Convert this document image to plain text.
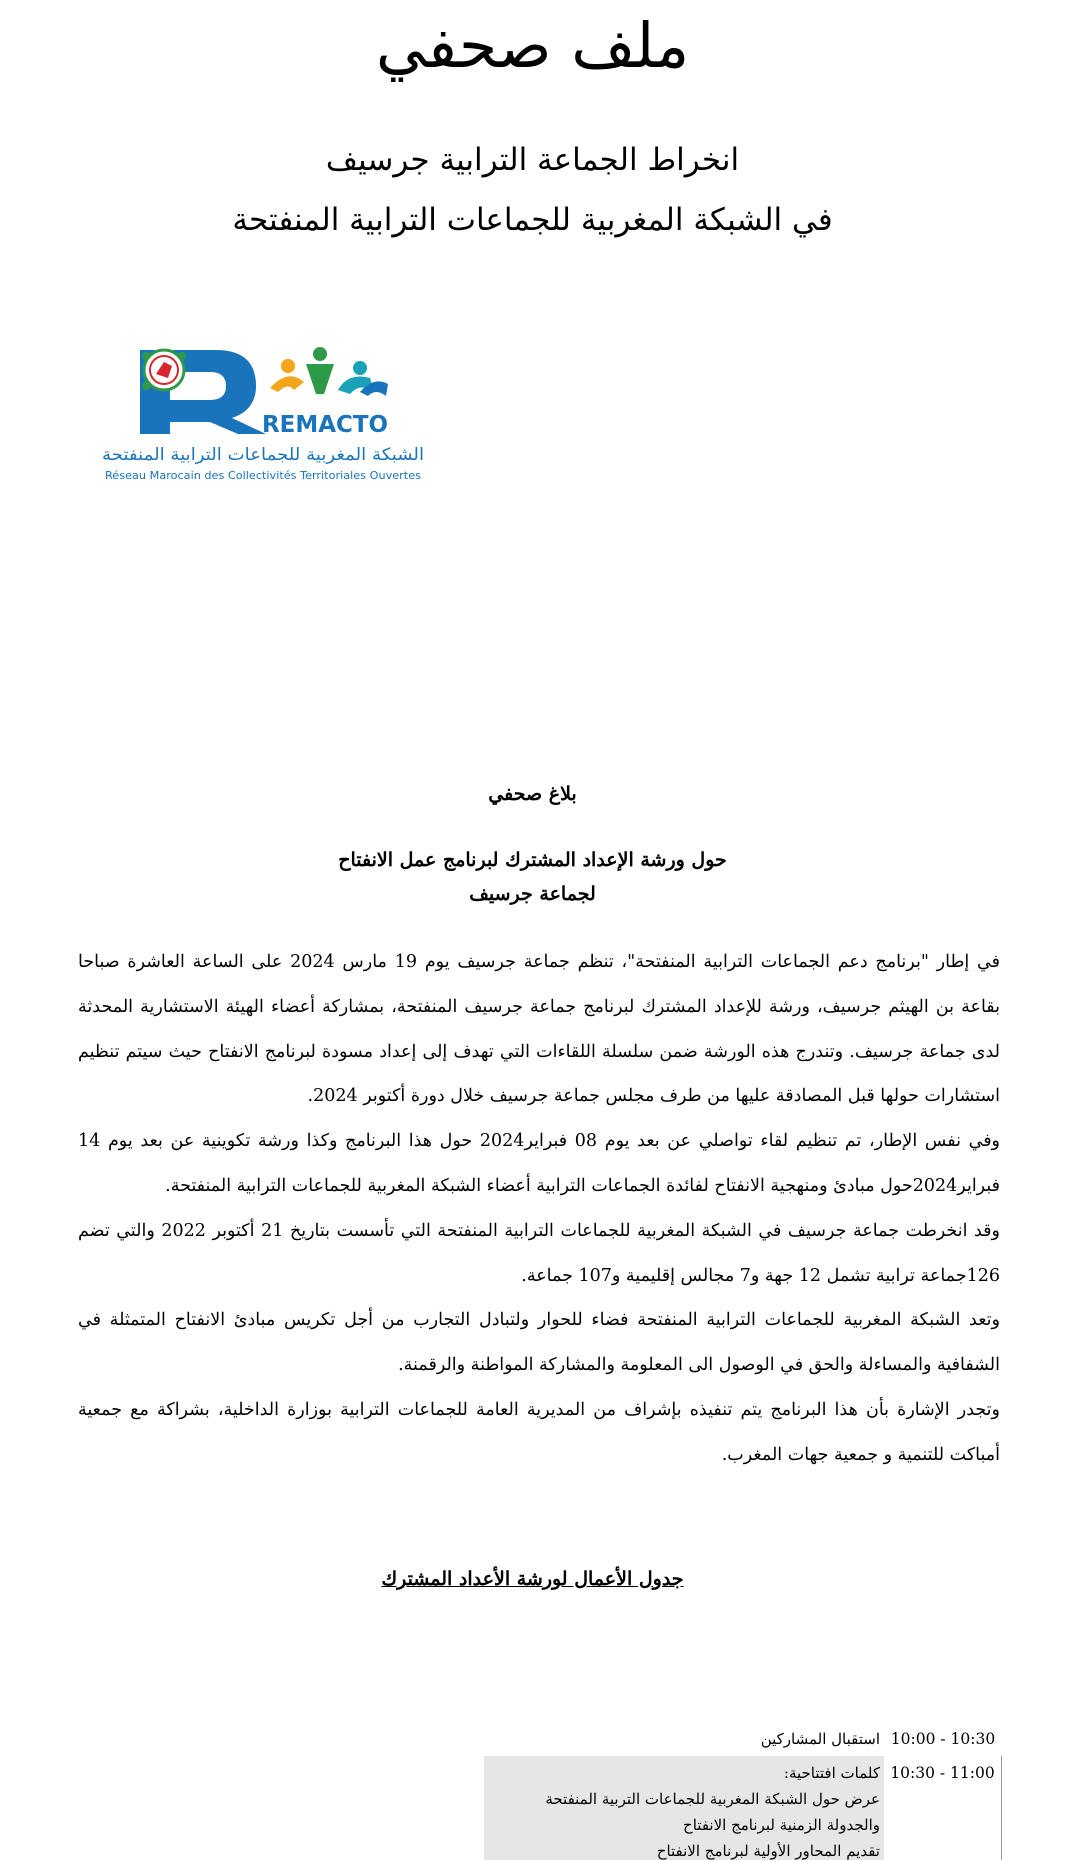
ملف صحفي
انخراط الجماعة الترابية جرسيف
في الشبكة المغربية للجماعات الترابية المنفتحة
REMACTO
الشبكة المغربية للجماعات الترابية المنفتحة
Réseau Marocain des Collectivités Territoriales Ouvertes
بلاغ صحفي
حول ورشة الإعداد المشترك لبرنامج عمل الانفتاح
لجماعة جرسيف

في إطار "برنامج دعم الجماعات الترابية المنفتحة"، تنظم جماعة جرسيف يوم 19 مارس 2024 على الساعة العاشرة صباحا بقاعة بن الهيثم جرسيف، ورشة للإعداد المشترك لبرنامج جماعة جرسيف المنفتحة، بمشاركة أعضاء الهيئة الاستشارية المحدثة لدى جماعة جرسيف. وتندرج هذه الورشة ضمن سلسلة اللقاءات التي تهدف إلى إعداد مسودة لبرنامج الانفتاح حيث سيتم تنظيم استشارات حولها قبل المصادقة عليها من طرف مجلس جماعة جرسيف خلال دورة أكتوبر 2024.

وفي نفس الإطار، تم تنظيم لقاء تواصلي عن بعد يوم 08 فبراير2024 حول هذا البرنامج وكذا ورشة تكوينية عن بعد يوم 14 فبراير2024حول مبادئ ومنهجية الانفتاح لفائدة الجماعات الترابية أعضاء الشبكة المغربية للجماعات الترابية المنفتحة.

وقد انخرطت جماعة جرسيف في الشبكة المغربية للجماعات الترابية المنفتحة التي تأسست بتاريخ 21 أكتوبر 2022 والتي تضم 126جماعة ترابية تشمل 12 جهة و7 مجالس إقليمية و107 جماعة.

وتعد الشبكة المغربية للجماعات الترابية المنفتحة فضاء للحوار ولتبادل التجارب من أجل تكريس مبادئ الانفتاح المتمثلة في الشفافية والمساءلة والحق في الوصول الى المعلومة والمشاركة المواطنة والرقمنة.

وتجدر الإشارة بأن هذا البرنامج يتم تنفيذه بإشراف من المديرية العامة للجماعات الترابية بوزارة الداخلية، بشراكة مع جمعية أمباكت للتنمية و جمعية جهات المغرب.

جدول الأعمال لورشة الأعداد المشترك
10:00 - 10:30
استقبال المشاركين
10:30 - 11:00
كلمات افتتاحية:
عرض حول الشبكة المغربية للجماعات التربية المنفتحة
والجدولة الزمنية لبرنامج الانفتاح
تقديم المحاور الأولية لبرنامج الانفتاح
